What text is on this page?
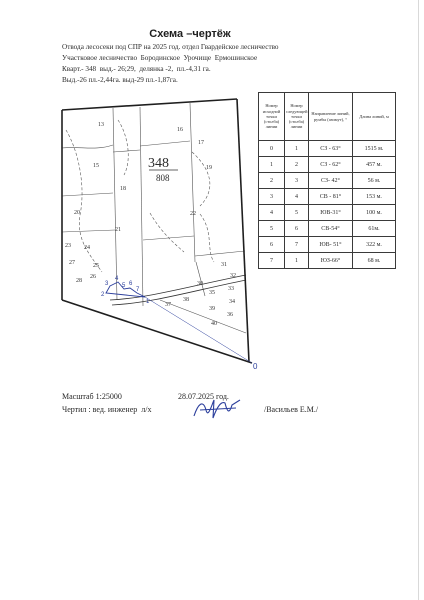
Схема –чертёж
Отвода лесосеки под СПР на 2025 год. отдел Гвардейское лесничество
Участковое лесничество  Бородинское  Урочище  Ермошинское
Кварт.- 348  выд.- 26;29,  делянка -2,  пл.-4,31 га.
Выд.-26 пл.-2,44га. выд-29 пл.-1,87га.
348
808
13
16
17
15
18
19
20
21
22
23 24
27	25
28
26
30
31
32
33
35
34
37
38
39
36
40
0
1
2
3
4
5 6
7
Номер исходной точки (столба) линии	Номер следующей точки (столба) линии	Направление линий, румбы (азимут), °	Длина линий, м
0	1	СЗ - 63°	1515 м.
1	2	СЗ - 62°	457 м.
2	3	СЗ- 42°	56 м.
3	4	СВ - 81°	153 м.
4	5	ЮВ-31°	100 м.
5	6	СВ-54°	61м.
6	7	ЮВ- 51°	322 м.
7	1	ЮЗ-66°	68 м.
Масштаб 1:25000	28.07.2025 год.
Чертил : вед. инженер  л/х	/Васильев Е.М./
